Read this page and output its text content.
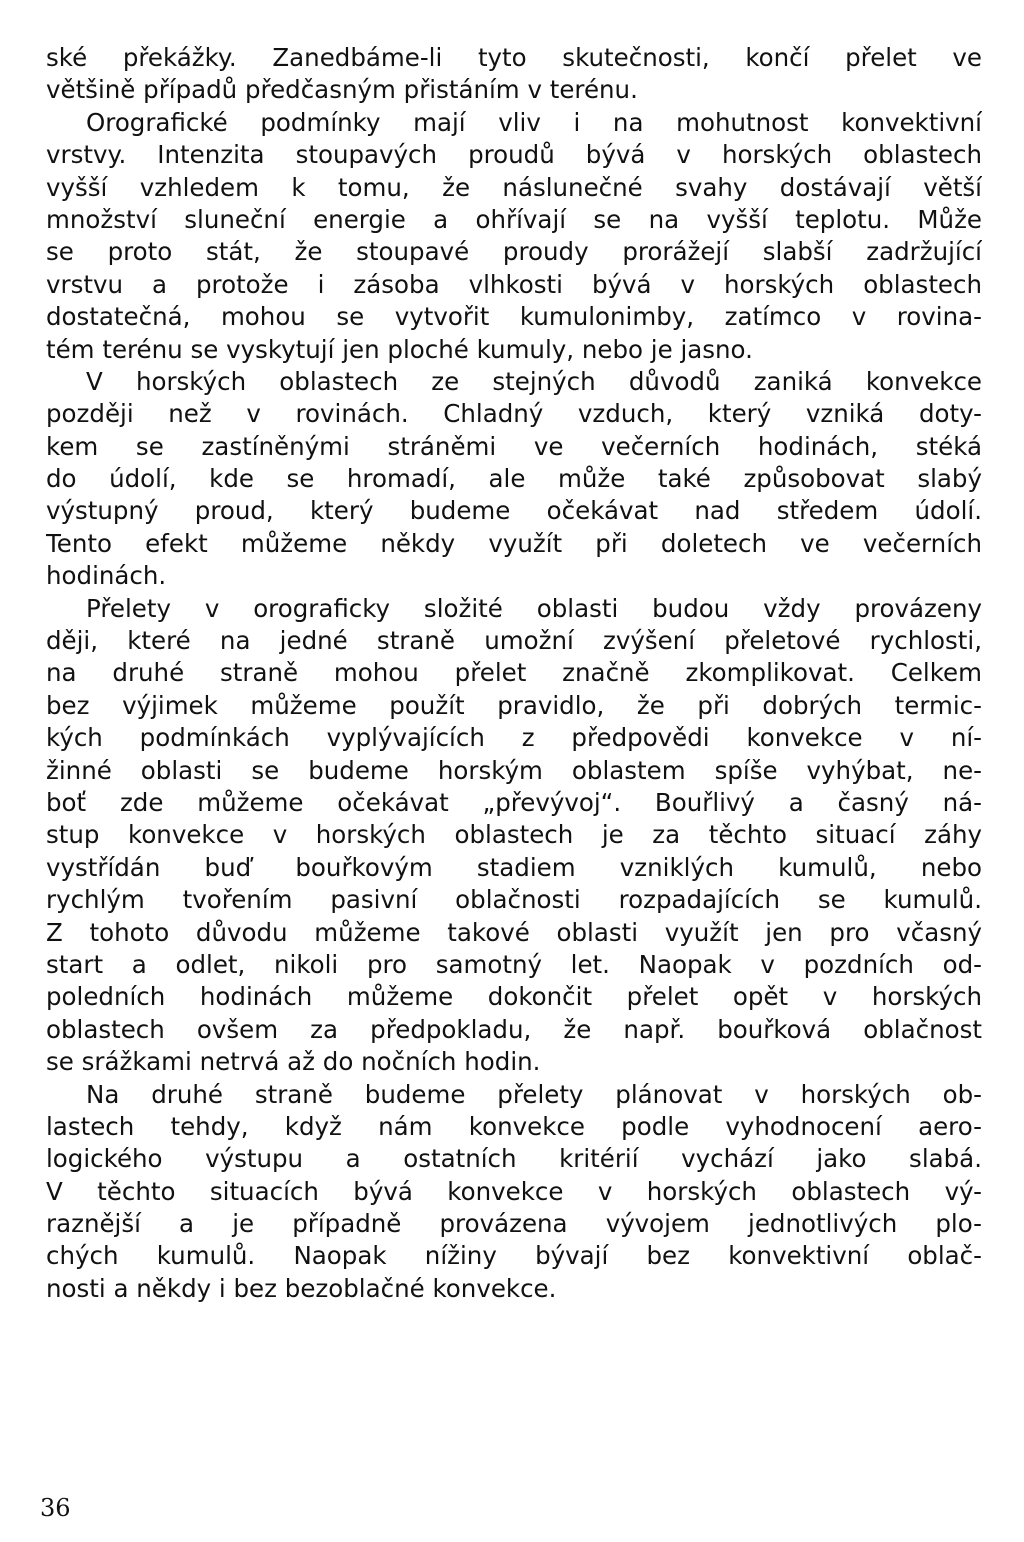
ské překážky. Zanedbáme-li tyto skutečnosti, končí přelet ve
většině případů předčasným přistáním v terénu.
Orografické podmínky mají vliv i na mohutnost konvektivní
vrstvy. Intenzita stoupavých proudů bývá v horských oblastech
vyšší vzhledem k tomu, že náslunečné svahy dostávají větší
množství sluneční energie a ohřívají se na vyšší teplotu. Může
se proto stát, že stoupavé proudy prorážejí slabší zadržující
vrstvu a protože i zásoba vlhkosti bývá v horských oblastech
dostatečná, mohou se vytvořit kumulonimby, zatímco v rovina-
tém terénu se vyskytují jen ploché kumuly, nebo je jasno.
V horských oblastech ze stejných důvodů zaniká konvekce
později než v rovinách. Chladný vzduch, který vzniká doty-
kem se zastíněnými stráněmi ve večerních hodinách, stéká
do údolí, kde se hromadí, ale může také způsobovat slabý
výstupný proud, který budeme očekávat nad středem údolí.
Tento efekt můžeme někdy využít při doletech ve večerních
hodinách.
Přelety v orograficky složité oblasti budou vždy provázeny
ději, které na jedné straně umožní zvýšení přeletové rychlosti,
na druhé straně mohou přelet značně zkomplikovat. Celkem
bez výjimek můžeme použít pravidlo, že při dobrých termic-
kých podmínkách vyplývajících z předpovědi konvekce v ní-
žinné oblasti se budeme horským oblastem spíše vyhýbat, ne-
boť zde můžeme očekávat „převývoj“. Bouřlivý a časný ná-
stup konvekce v horských oblastech je za těchto situací záhy
vystřídán buď bouřkovým stadiem vzniklých kumulů, nebo
rychlým tvořením pasivní oblačnosti rozpadajících se kumulů.
Z tohoto důvodu můžeme takové oblasti využít jen pro včasný
start a odlet, nikoli pro samotný let. Naopak v pozdních od-
poledních hodinách můžeme dokončit přelet opět v horských
oblastech ovšem za předpokladu, že např. bouřková oblačnost
se srážkami netrvá až do nočních hodin.
Na druhé straně budeme přelety plánovat v horských ob-
lastech tehdy, když nám konvekce podle vyhodnocení aero-
logického výstupu a ostatních kritérií vychází jako slabá.
V těchto situacích bývá konvekce v horských oblastech vý-
raznější a je případně provázena vývojem jednotlivých plo-
chých kumulů. Naopak nížiny bývají bez konvektivní oblač-
nosti a někdy i bez bezoblačné konvekce.
36
